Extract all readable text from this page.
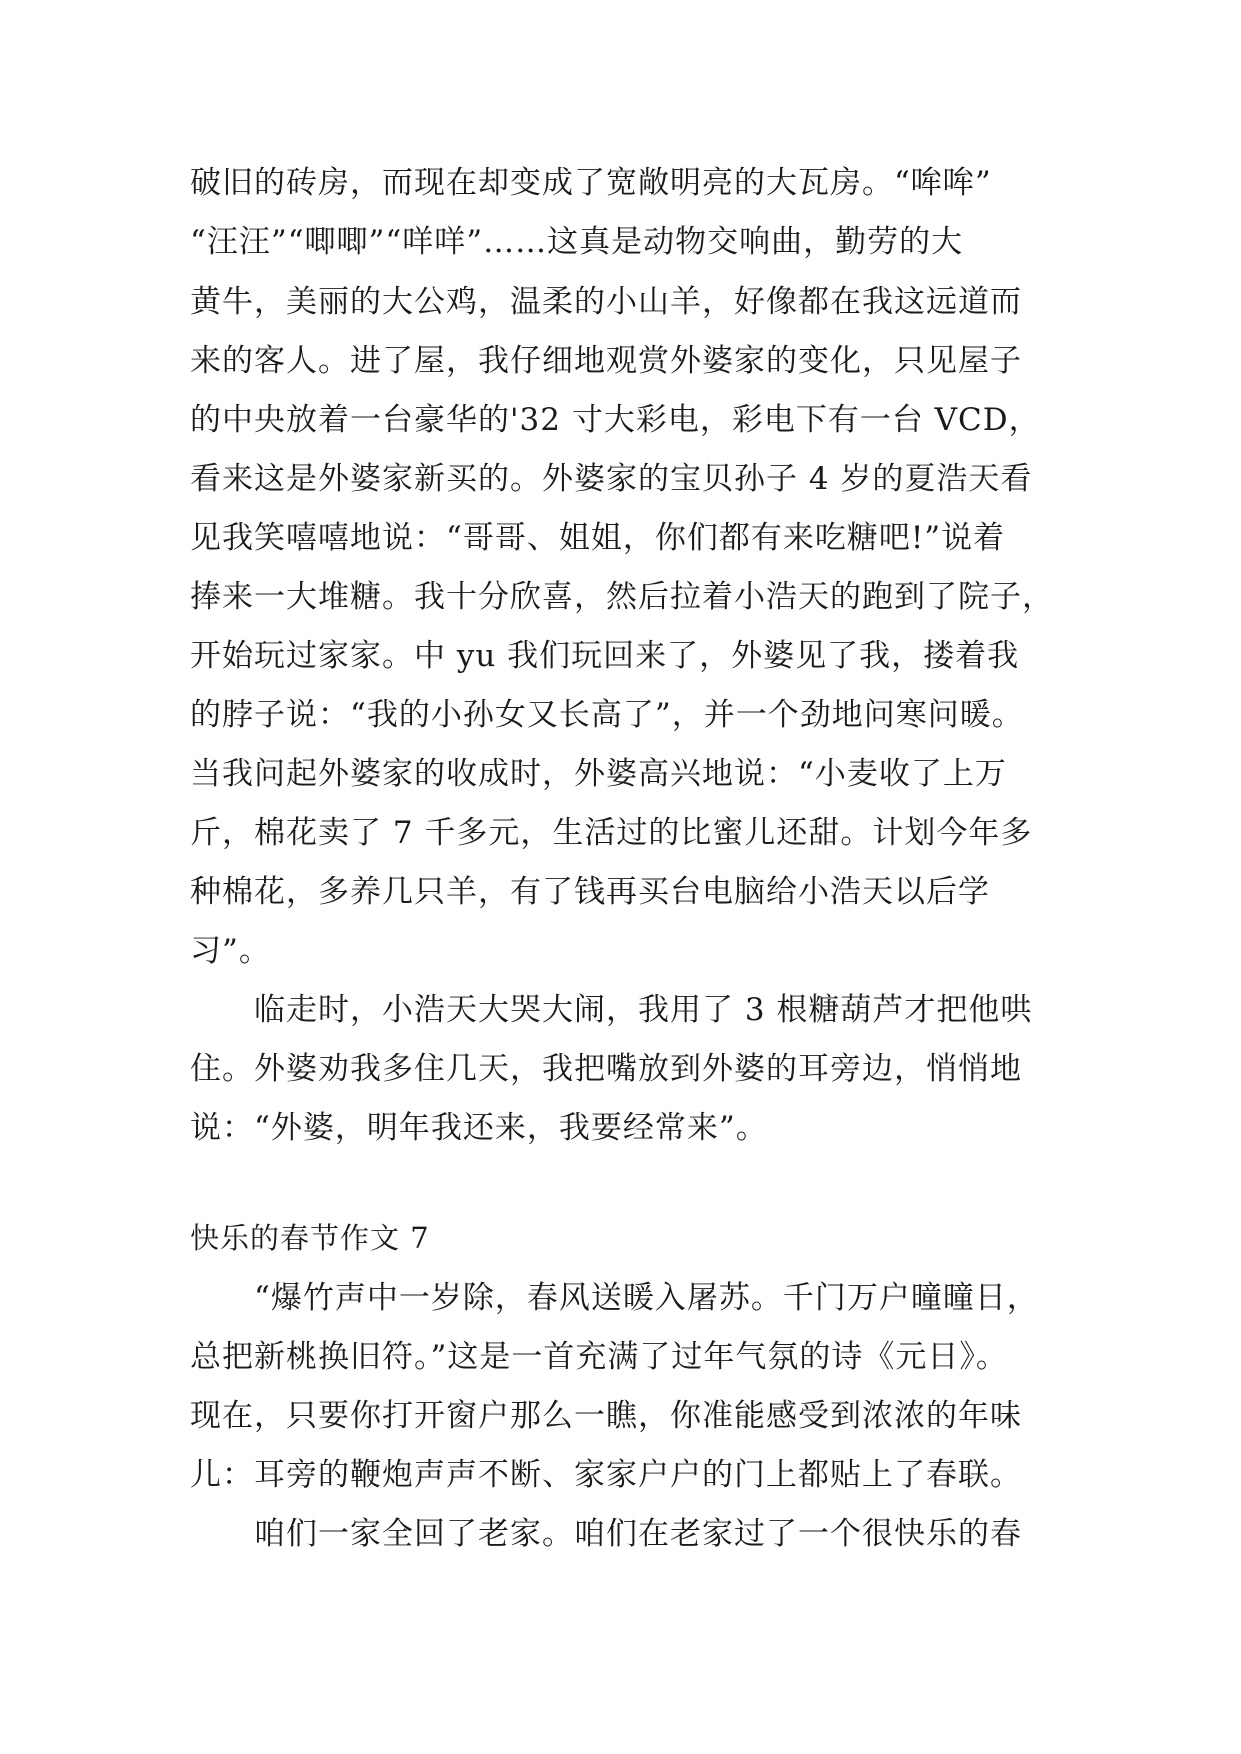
破旧的砖房，而现在却变成了宽敞明亮的大瓦房。“哞哞”
“汪汪”“唧唧”“咩咩”……这真是动物交响曲，勤劳的大
黄牛，美丽的大公鸡，温柔的小山羊，好像都在我这远道而
来的客人。进了屋，我仔细地观赏外婆家的变化，只见屋子
的中央放着一台豪华的'32 寸大彩电，彩电下有一台 VCD，
看来这是外婆家新买的。外婆家的宝贝孙子 4 岁的夏浩天看
见我笑嘻嘻地说：“哥哥、姐姐，你们都有来吃糖吧!”说着
捧来一大堆糖。我十分欣喜，然后拉着小浩天的跑到了院子，
开始玩过家家。中 yu 我们玩回来了，外婆见了我，搂着我
的脖子说：“我的小孙女又长高了”，并一个劲地问寒问暖。
当我问起外婆家的收成时，外婆高兴地说：“小麦收了上万
斤，棉花卖了 7 千多元，生活过的比蜜儿还甜。计划今年多
种棉花，多养几只羊，有了钱再买台电脑给小浩天以后学
习”。
临走时，小浩天大哭大闹，我用了 3 根糖葫芦才把他哄
住。外婆劝我多住几天，我把嘴放到外婆的耳旁边，悄悄地
说：“外婆，明年我还来，我要经常来”。
快乐的春节作文 7
“爆竹声中一岁除，春风送暖入屠苏。千门万户曈曈日，
总把新桃换旧符。”这是一首充满了过年气氛的诗《元日》。
现在，只要你打开窗户那么一瞧，你准能感受到浓浓的年味
儿：耳旁的鞭炮声声不断、家家户户的门上都贴上了春联。
咱们一家全回了老家。咱们在老家过了一个很快乐的春
